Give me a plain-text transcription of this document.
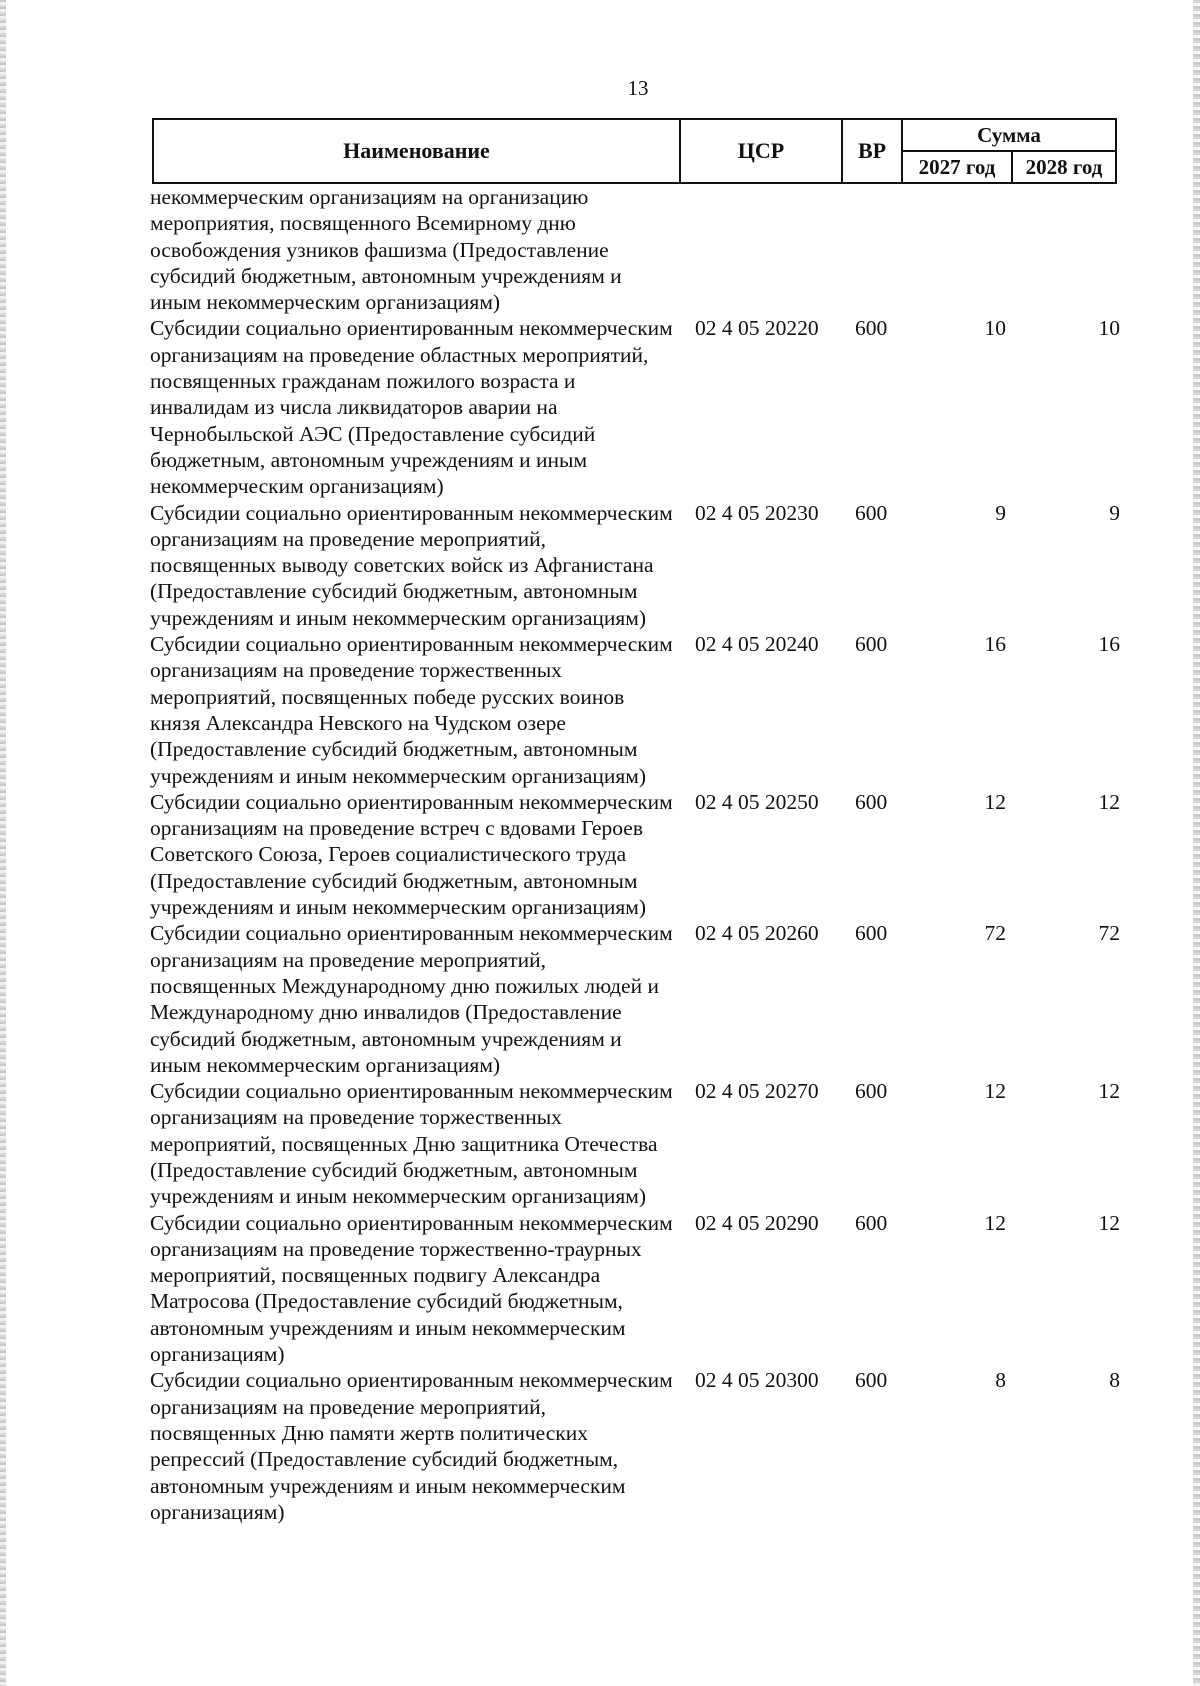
13
Наименование	ЦСР	ВР
Сумма
2027 год	2028 год
некоммерческим организациям на организацию мероприятия, посвященного Всемирному дню освобождения узников фашизма (Предоставление субсидий бюджетным, автономным учреждениям и иным некоммерческим организациям)
Субсидии социально ориентированным некоммерческим организациям на проведение областных мероприятий, посвященных гражданам пожилого возраста и инвалидам из числа ликвидаторов аварии на Чернобыльской АЭС (Предоставление субсидий бюджетным, автономным учреждениям и иным некоммерческим организациям)
02 4 05 20220	600	10	10
Субсидии социально ориентированным некоммерческим организациям на проведение мероприятий, посвященных выводу советских войск из Афганистана (Предоставление субсидий бюджетным, автономным учреждениям и иным некоммерческим организациям)
02 4 05 20230	600	9	9
Субсидии социально ориентированным некоммерческим организациям на проведение торжественных мероприятий, посвященных победе русских воинов князя Александра Невского на Чудском озере (Предоставление субсидий бюджетным, автономным учреждениям и иным некоммерческим организациям)
02 4 05 20240	600	16	16
Субсидии социально ориентированным некоммерческим организациям на проведение встреч с вдовами Героев Советского Союза, Героев социалистического труда (Предоставление субсидий бюджетным, автономным учреждениям и иным некоммерческим организациям)
02 4 05 20250	600	12	12
Субсидии социально ориентированным некоммерческим организациям на проведение мероприятий, посвященных Международному дню пожилых людей и Международному дню инвалидов (Предоставление субсидий бюджетным, автономным учреждениям и иным некоммерческим организациям)
02 4 05 20260	600	72	72
Субсидии социально ориентированным некоммерческим организациям на проведение торжественных мероприятий, посвященных Дню защитника Отечества (Предоставление субсидий бюджетным, автономным учреждениям и иным некоммерческим организациям)
02 4 05 20270	600	12	12
Субсидии социально ориентированным некоммерческим организациям на проведение торжественно-траурных мероприятий, посвященных подвигу Александра Матросова (Предоставление субсидий бюджетным, автономным учреждениям и иным некоммерческим организациям)
02 4 05 20290	600	12	12
Субсидии социально ориентированным некоммерческим организациям на проведение мероприятий, посвященных Дню памяти жертв политических репрессий (Предоставление субсидий бюджетным, автономным учреждениям и иным некоммерческим организациям)
02 4 05 20300	600	8	8
